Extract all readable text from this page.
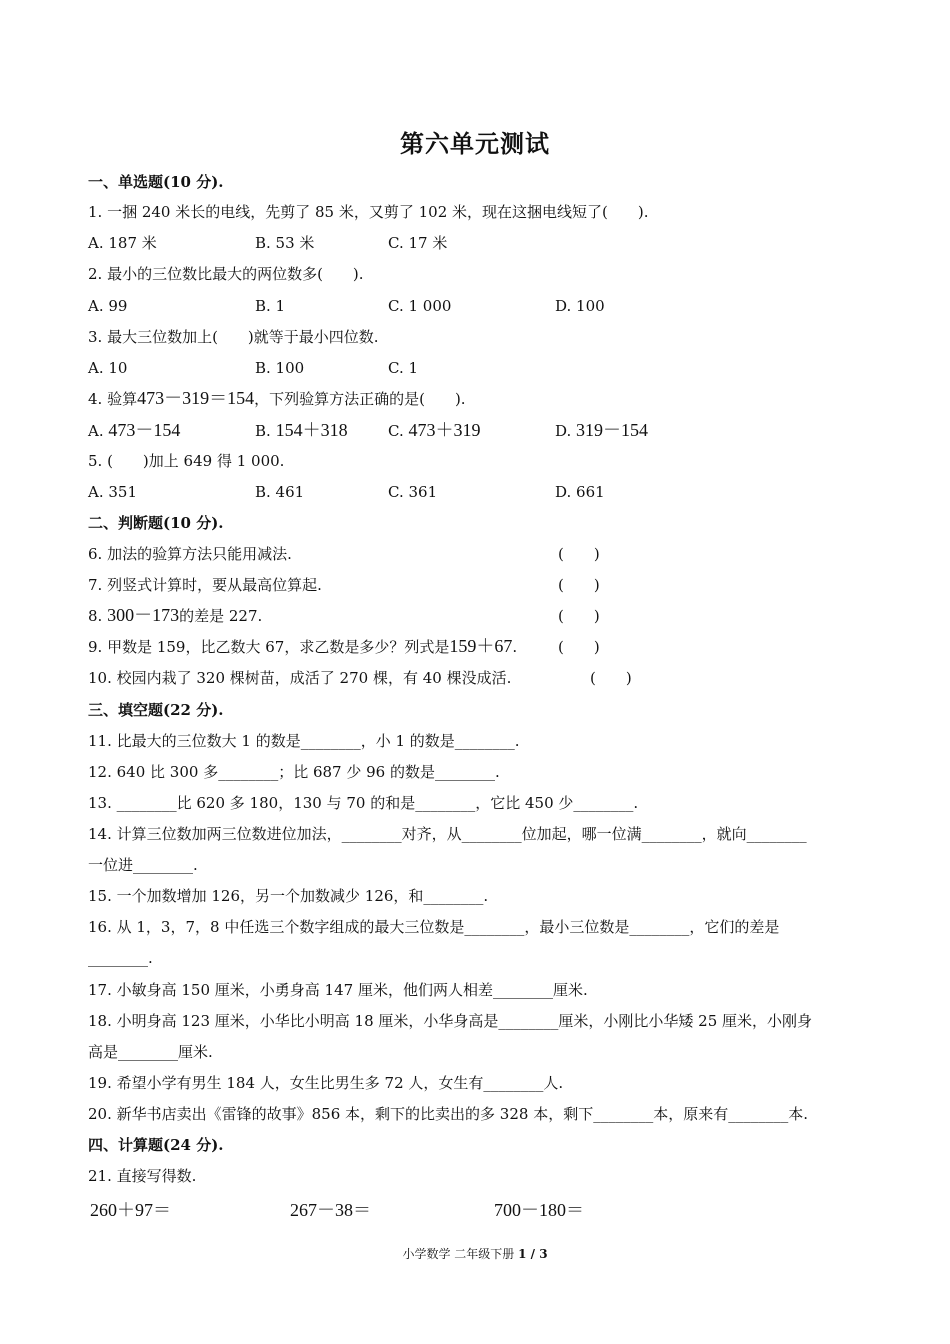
第六单元测试
一、单选题(10 分).
1. 一捆 240 米长的电线，先剪了 85 米，又剪了 102 米，现在这捆电线短了(　　).
A. 187 米	B. 53 米	C. 17 米
2. 最小的三位数比最大的两位数多(　　).
A. 99	B. 1	C. 1 000	D. 100
3. 最大三位数加上(　　)就等于最小四位数.
A. 10	B. 100	C. 1
4. 验算473－319＝154，下列验算方法正确的是(　　).
A. 473－154	B. 154＋318	C. 473＋319	D. 319－154
5. (　　)加上 649 得 1 000.
A. 351	B. 461	C. 361	D. 661
二、判断题(10 分).
6. 加法的验算方法只能用减法.	(　　)
7. 列竖式计算时，要从最高位算起.	(　　)
8. 300－173的差是 227.	(　　)
9. 甲数是 159，比乙数大 67，求乙数是多少？列式是159＋67.	(　　)
10. 校园内栽了 320 棵树苗，成活了 270 棵，有 40 棵没成活.	(　　)
三、填空题(22 分).
11. 比最大的三位数大 1 的数是________，小 1 的数是________.
12. 640 比 300 多________；比 687 少 96 的数是________.
13. ________比 620 多 180，130 与 70 的和是________，它比 450 少________.
14. 计算三位数加两三位数进位加法，________对齐，从________位加起，哪一位满________，就向________
一位进________.
15. 一个加数增加 126，另一个加数减少 126，和________.
16. 从 1，3，7，8 中任选三个数字组成的最大三位数是________，最小三位数是________，它们的差是
________.
17. 小敏身高 150 厘米，小勇身高 147 厘米，他们两人相差________厘米.
18. 小明身高 123 厘米，小华比小明高 18 厘米，小华身高是________厘米，小刚比小华矮 25 厘米，小刚身
高是________厘米.
19. 希望小学有男生 184 人，女生比男生多 72 人，女生有________人.
20. 新华书店卖出《雷锋的故事》856 本，剩下的比卖出的多 328 本，剩下________本，原来有________本.
四、计算题(24 分).
21. 直接写得数.
260＋97＝	267－38＝	700－180＝
小学数学 二年级下册 1 / 3
